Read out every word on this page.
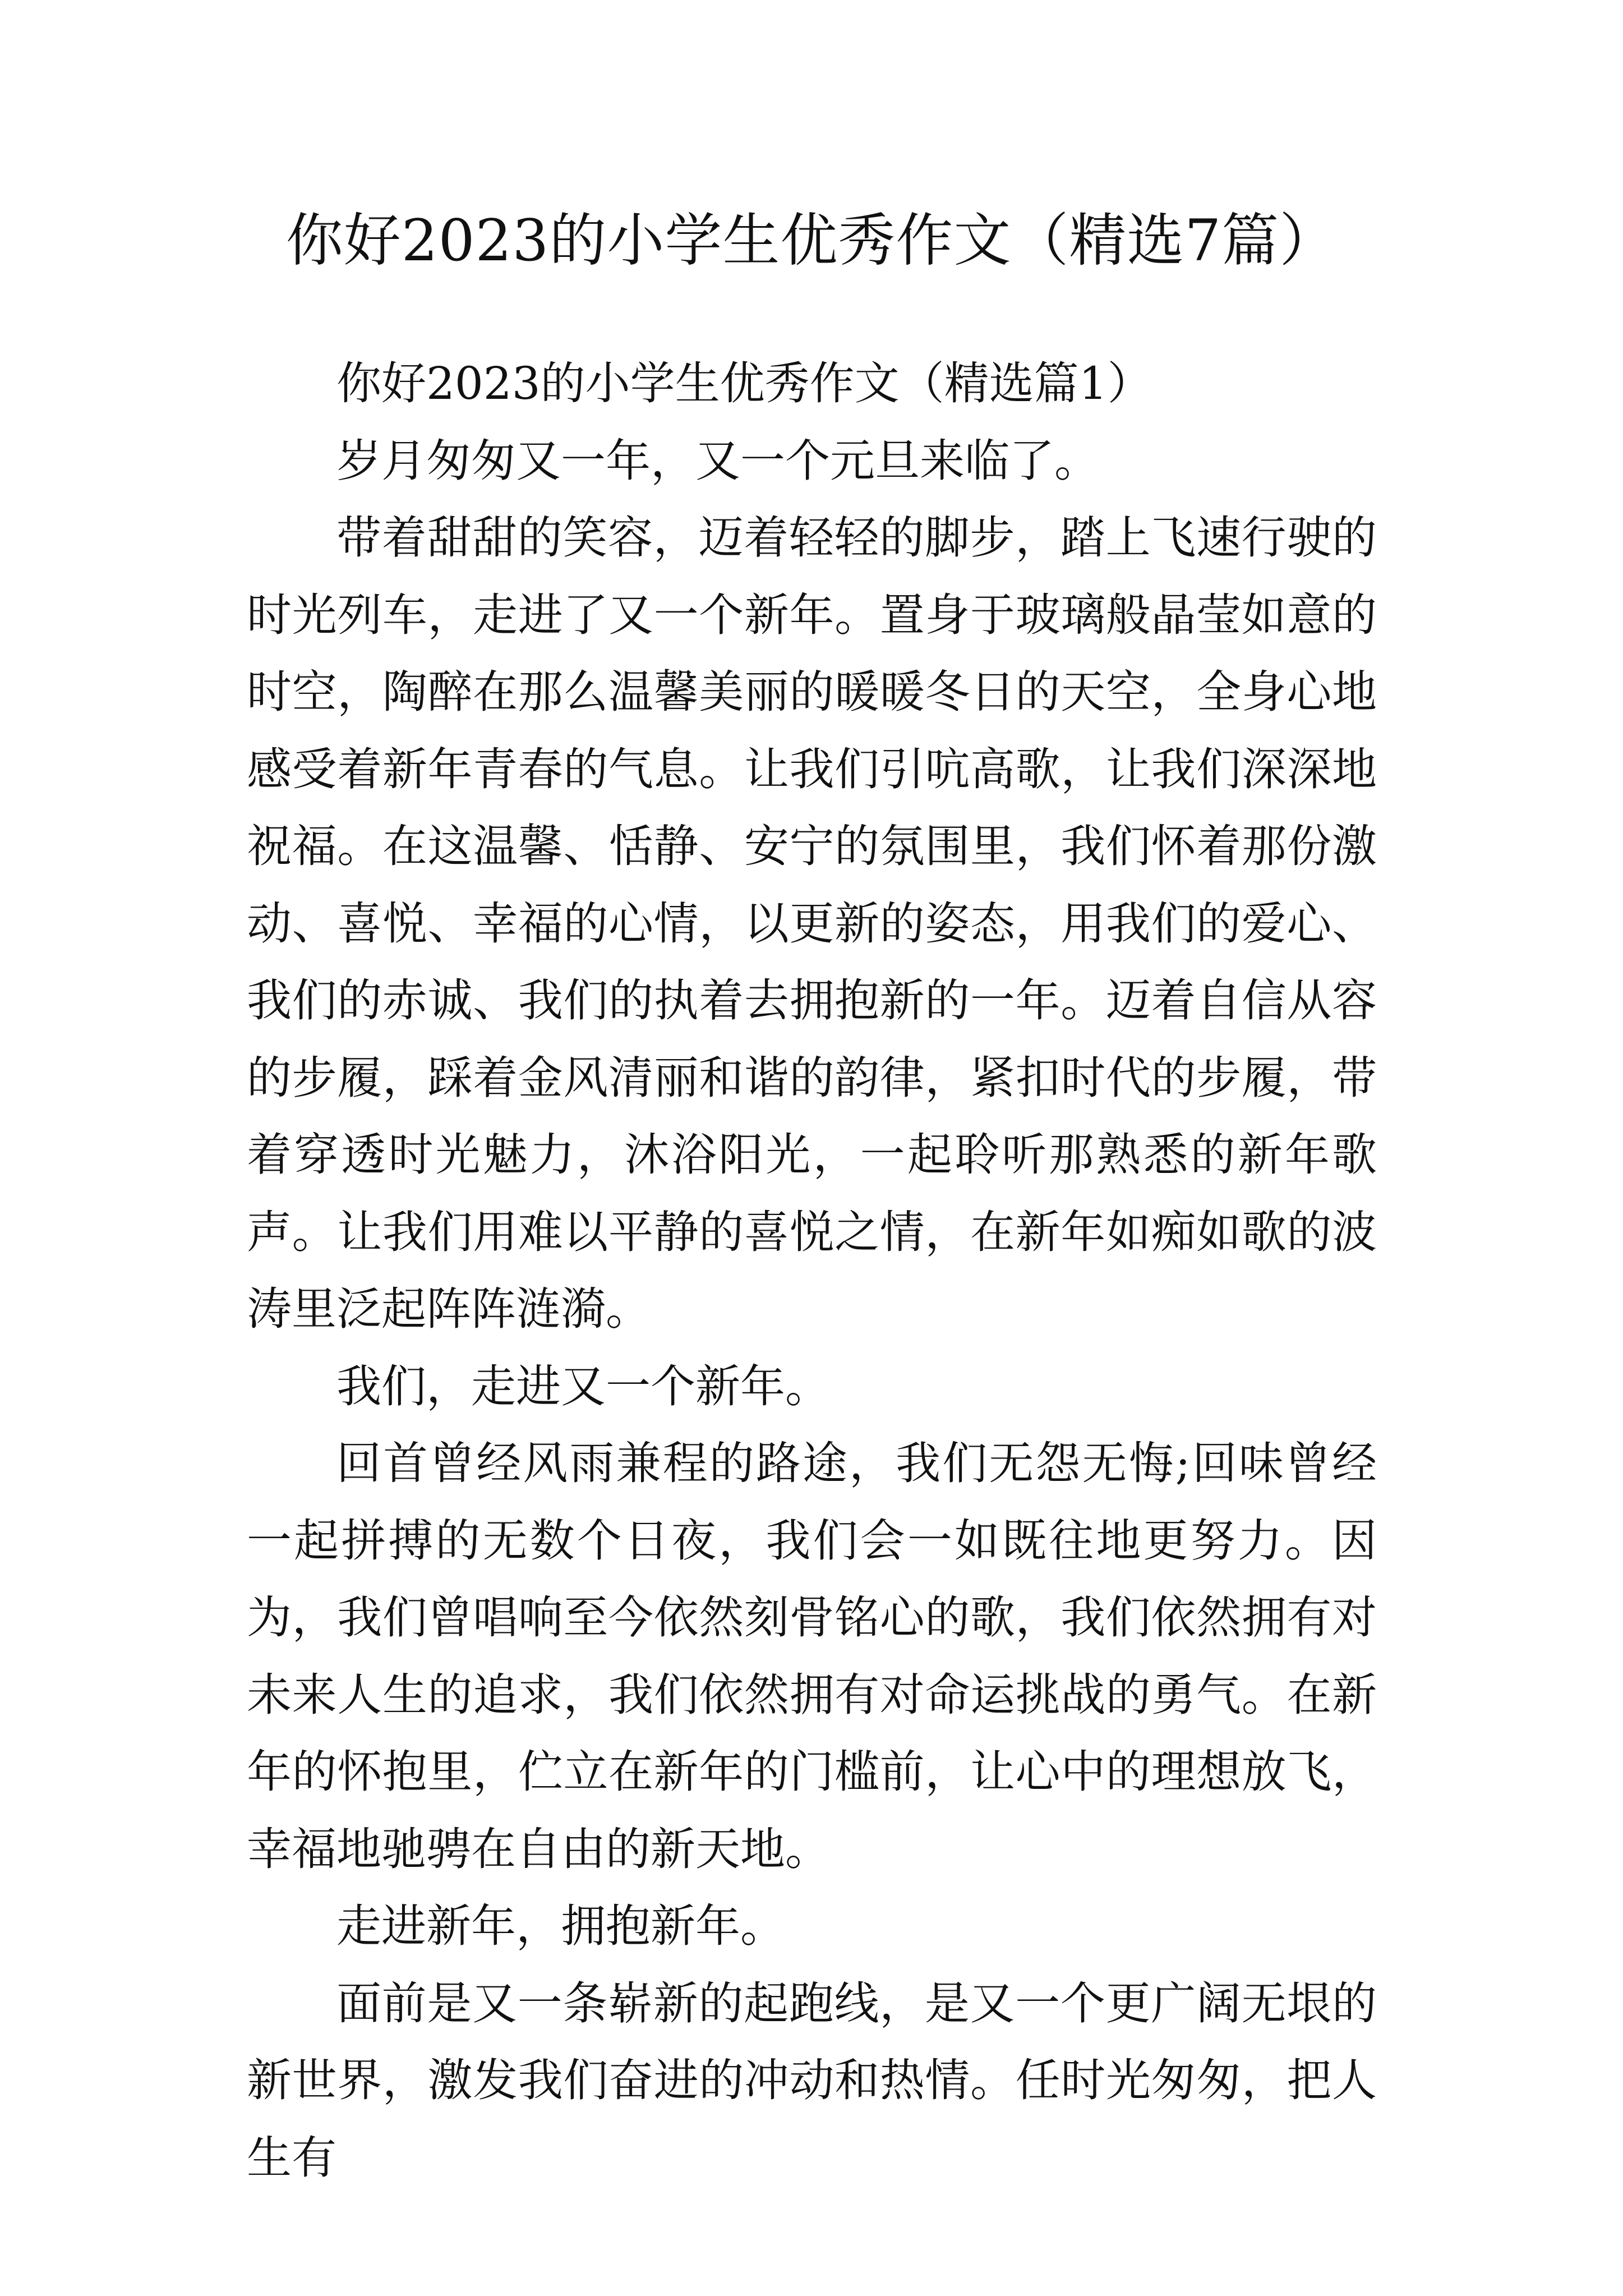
你好2023的小学生优秀作文（精选7篇）

你好2023的小学生优秀作文（精选篇1）

岁月匆匆又一年，又一个元旦来临了。

带着甜甜的笑容，迈着轻轻的脚步，踏上飞速行驶的时光列车，走进了又一个新年。置身于玻璃般晶莹如意的时空，陶醉在那么温馨美丽的暖暖冬日的天空，全身心地感受着新年青春的气息。让我们引吭高歌，让我们深深地祝福。在这温馨、恬静、安宁的氛围里，我们怀着那份激动、喜悦、幸福的心情，以更新的姿态，用我们的爱心、我们的赤诚、我们的执着去拥抱新的一年。迈着自信从容的步履，踩着金风清丽和谐的韵律，紧扣时代的步履，带着穿透时光魅力，沐浴阳光，一起聆听那熟悉的新年歌声。让我们用难以平静的喜悦之情，在新年如痴如歌的波涛里泛起阵阵涟漪。

我们，走进又一个新年。

回首曾经风雨兼程的路途，我们无怨无悔;回味曾经一起拼搏的无数个日夜，我们会一如既往地更努力。因为，我们曾唱响至今依然刻骨铭心的歌，我们依然拥有对未来人生的追求，我们依然拥有对命运挑战的勇气。在新年的怀抱里，伫立在新年的门槛前，让心中的理想放飞，幸福地驰骋在自由的新天地。

走进新年，拥抱新年。

面前是又一条崭新的起跑线，是又一个更广阔无垠的新世界，激发我们奋进的冲动和热情。任时光匆匆，把人生有
